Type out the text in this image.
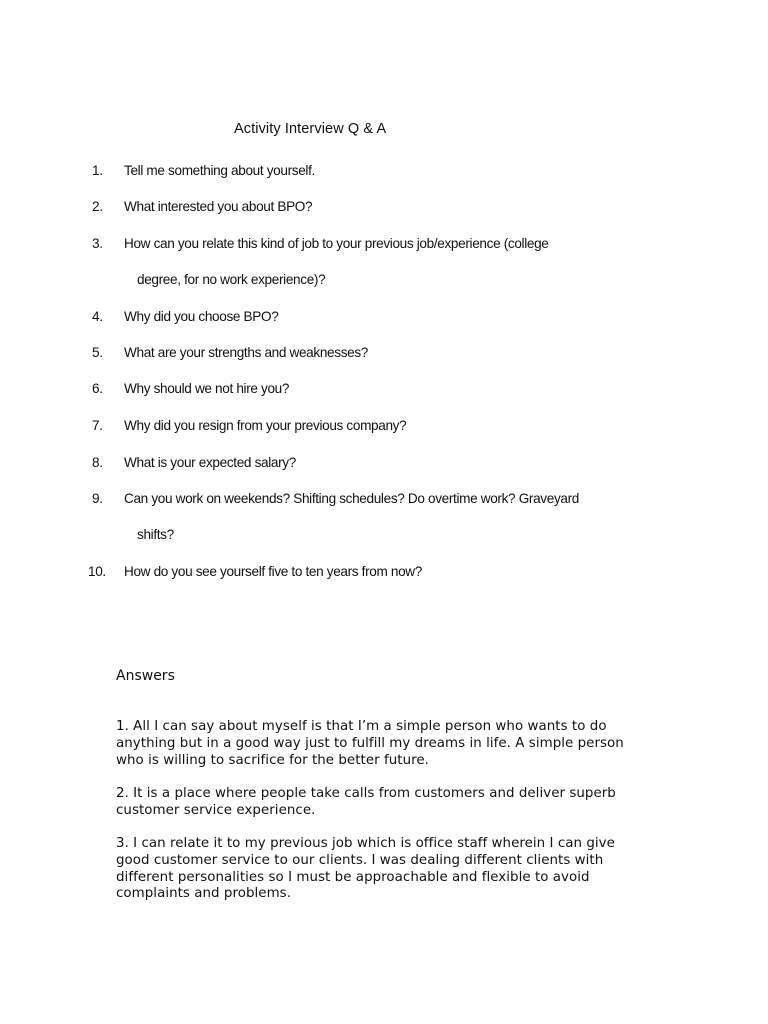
Activity Interview Q & A
1. Tell me something about yourself.
2. What interested you about BPO?
3. How can you relate this kind of job to your previous job/experience (college
degree, for no work experience)?
4. Why did you choose BPO?
5. What are your strengths and weaknesses?
6. Why should we not hire you?
7. Why did you resign from your previous company?
8. What is your expected salary?
9. Can you work on weekends? Shifting schedules? Do overtime work? Graveyard
shifts?
10. How do you see yourself five to ten years from now?
Answers

1. All I can say about myself is that I’m a simple person who wants to do

anything but in a good way just to fulfill my dreams in life. A simple person

who is willing to sacrifice for the better future.

2. It is a place where people take calls from customers and deliver superb

customer service experience.

3. I can relate it to my previous job which is office staff wherein I can give

good customer service to our clients. I was dealing different clients with

different personalities so I must be approachable and flexible to avoid

complaints and problems.
